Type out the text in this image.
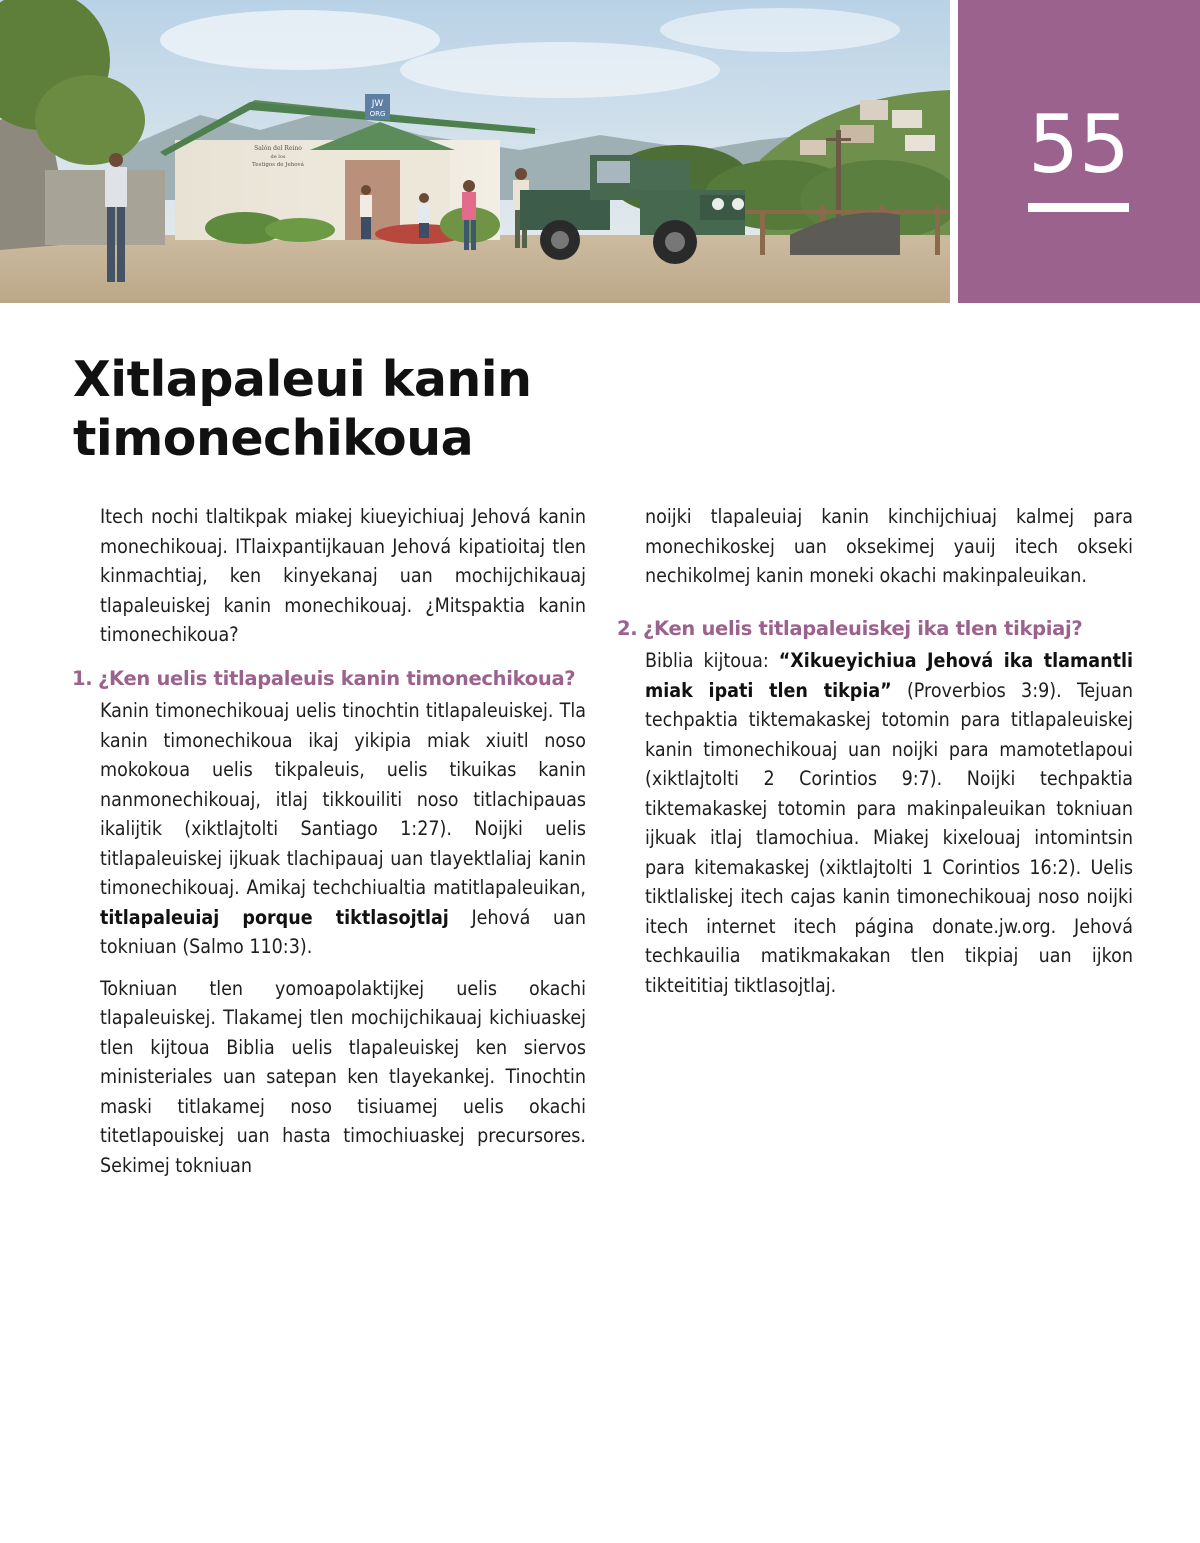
JW
ORG
Salón del Reino
de los
Testigos de Jehová	55
Xitlapaleui kanin
timonechikoua

Itech nochi tlaltikpak miakej kiueyichiuaj Jehová kanin monechikouaj. ITlaixpantijkauan Jehová kipatioitaj tlen kinmachtiaj, ken kinyekanaj uan mochijchikauaj tlapaleuiskej kanin monechikouaj. ¿Mitspaktia kanin timonechikoua?

1. ¿Ken uelis titlapaleuis kanin timonechikoua?

Kanin timonechikouaj uelis tinochtin titlapaleuiskej. Tla kanin timonechikoua ikaj yikipia miak xiuitl noso mokokoua uelis tikpaleuis, uelis tikuikas kanin nanmonechikouaj, itlaj tikkouiliti noso titlachipauas ikalijtik (xiktlajtolti Santiago 1:27). Noijki uelis titlapaleuiskej ijkuak tlachipauaj uan tlayektlaliaj kanin timonechikouaj. Amikaj techchiualtia matitlapaleuikan, titlapaleuiaj porque tiktlasojtlaj Jehová uan tokniuan (Salmo 110:3).

Tokniuan tlen yomoapolaktijkej uelis okachi tlapaleuiskej. Tlakamej tlen mochijchikauaj kichiuaskej tlen kijtoua Biblia uelis tlapaleuiskej ken siervos ministeriales uan satepan ken tlayekankej. Tinochtin maski titlakamej noso tisiuamej uelis okachi titetlapouiskej uan hasta timochiuaskej precursores. Sekimej tokniuan

noijki tlapaleuiaj kanin kinchijchiuaj kalmej para monechikoskej uan oksekimej yauij itech okseki nechikolmej kanin moneki okachi makinpaleuikan.

2. ¿Ken uelis titlapaleuiskej ika tlen tikpiaj?

Biblia kijtoua: “Xikueyichiua Jehová ika tlamantli miak ipati tlen tikpia” (Proverbios 3:9). Tejuan techpaktia tiktemakaskej totomin para titlapaleuiskej kanin timonechikouaj uan noijki para mamotetlapoui (xiktlajtolti 2 Corintios 9:7). Noijki techpaktia tiktemakaskej totomin para makinpaleuikan tokniuan ijkuak itlaj tlamochiua. Miakej kixelouaj intomintsin para kitemakaskej (xiktlajtolti 1 Corintios 16:2). Uelis tiktlaliskej itech cajas kanin timonechikouaj noso noijki itech internet itech página donate.jw.org. Jehová techkauilia matikmakakan tlen tikpiaj uan ijkon tikteititiaj tiktlasojtlaj.
